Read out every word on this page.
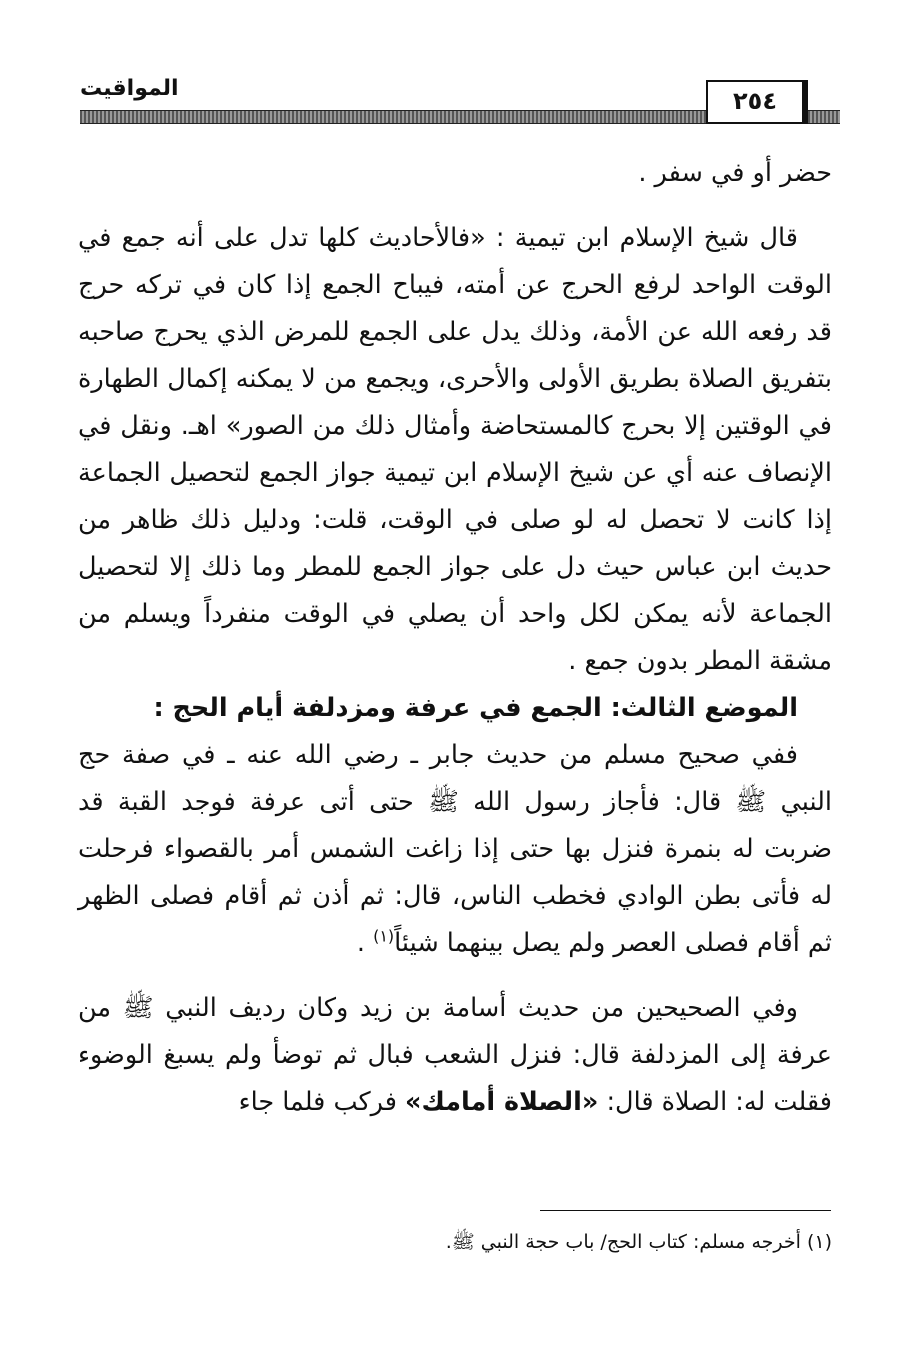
المواقيت	٢٥٤

حضر أو في سفر .

قال شيخ الإسلام ابن تيمية : «فالأحاديث كلها تدل على أنه جمع في الوقت الواحد لرفع الحرج عن أمته، فيباح الجمع إذا كان في تركه حرج قد رفعه الله عن الأمة، وذلك يدل على الجمع للمرض الذي يحرج صاحبه بتفريق الصلاة بطريق الأولى والأحرى، ويجمع من لا يمكنه إكمال الطهارة في الوقتين إلا بحرج كالمستحاضة وأمثال ذلك من الصور» اهـ. ونقل في الإنصاف عنه أي عن شيخ الإسلام ابن تيمية جواز الجمع لتحصيل الجماعة إذا كانت لا تحصل له لو صلى في الوقت، قلت: ودليل ذلك ظاهر من حديث ابن عباس حيث دل على جواز الجمع للمطر وما ذلك إلا لتحصيل الجماعة لأنه يمكن لكل واحد أن يصلي في الوقت منفرداً ويسلم من مشقة المطر بدون جمع .

الموضع الثالث: الجمع في عرفة ومزدلفة أيام الحج :

ففي صحيح مسلم من حديث جابر ـ رضي الله عنه ـ في صفة حج النبي ﷺ قال: فأجاز رسول الله ﷺ حتى أتى عرفة فوجد القبة قد ضربت له بنمرة فنزل بها حتى إذا زاغت الشمس أمر بالقصواء فرحلت له فأتى بطن الوادي فخطب الناس، قال: ثم أذن ثم أقام فصلى الظهر ثم أقام فصلى العصر ولم يصل بينهما شيئاً$^{(١)}$ .

وفي الصحيحين من حديث أسامة بن زيد وكان رديف النبي ﷺ من عرفة إلى المزدلفة قال: فنزل الشعب فبال ثم توضأ ولم يسبغ الوضوء فقلت له: الصلاة قال: «الصلاة أمامك» فركب فلما جاء

(١) أخرجه مسلم: كتاب الحج/ باب حجة النبي ﷺ.
